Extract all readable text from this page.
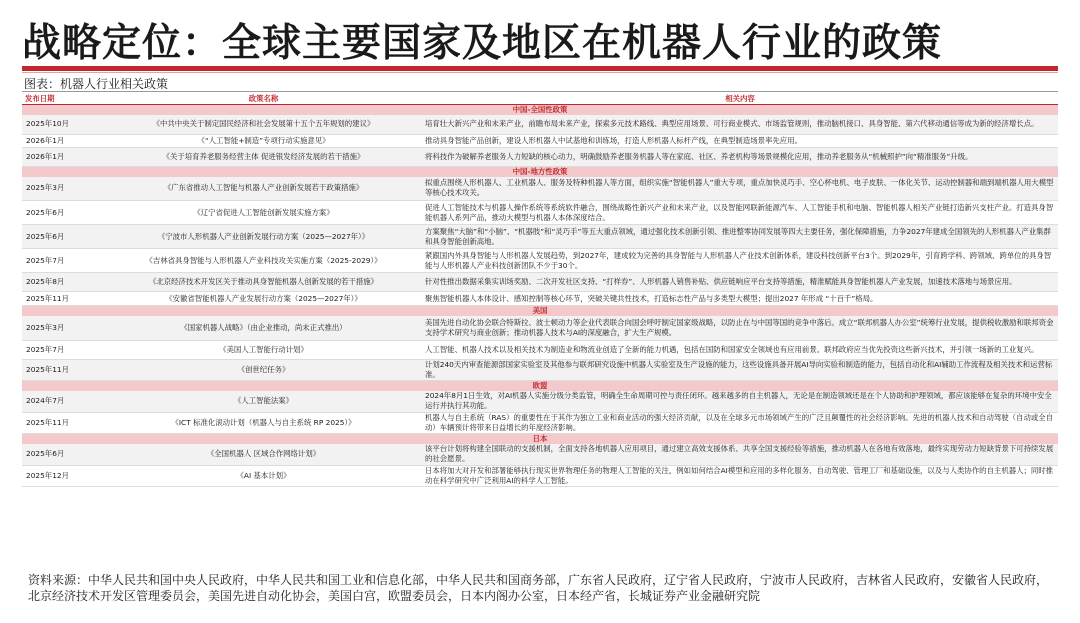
战略定位：全球主要国家及地区在机器人行业的政策
图表：机器人行业相关政策
发布日期	政策名称	相关内容
中国-全国性政策		
2025年10月	《中共中央关于制定国民经济和社会发展第十五个五年规划的建议》	培育壮大新兴产业和未来产业，前瞻布局未来产业，探索多元技术路线、典型应用场景、可行商业模式、市场监管规则，推动脑机接口、具身智能、第六代移动通信等成为新的经济增长点。
2026年1月	《“人工智能+制造”专项行动实施意见》	推动具身智能产品创新，建设人形机器人中试基地和训练场，打造人形机器人标杆产线，在典型制造场景率先应用。
2026年1月	《关于培育养老服务经营主体 促进银发经济发展的若干措施》	将科技作为破解养老服务人力短缺的核心动力，明确鼓励养老服务机器人等在家庭、社区、养老机构等场景规模化应用，推动养老服务从“机械照护”向“精准服务”升级。
中国-地方性政策		
2025年3月	《广东省推动人工智能与机器人产业创新发展若干政策措施》	拟重点围绕人形机器人、工业机器人、服务及特种机器人等方面，组织实施“智能机器人”重大专项，重点加快灵巧手、空心杯电机、电子皮肤、一体化关节、运动控制器和端到端机器人用大模型等核心技术攻关。
2025年6月	《辽宁省促进人工智能创新发展实施方案》	促进人工智能技术与机器人操作系统等系统软件融合，围绕战略性新兴产业和未来产业，以及智能网联新能源汽车、人工智能手机和电脑、智能机器人相关产业链打造新兴支柱产业。打造具身智能机器人系列产品，推动大模型与机器人本体深度结合。
2025年6月	《宁波市人形机器人产业创新发展行动方案（2025—2027年）》	方案聚焦“大脑”和“小脑”、“机器肢”和“灵巧手”等五大重点领域，通过强化技术创新引领、推进整零协同发展等四大主要任务，强化保障措施，力争2027年建成全国领先的人形机器人产业集群和具身智能创新高地。
2025年7月	《吉林省具身智能与人形机器人产业科技攻关实施方案（2025-2029）》	紧跟国内外具身智能与人形机器人发展趋势，到2027年，建成较为完善的具身智能与人形机器人产业技术创新体系，建设科技创新平台3个。到2029年，引育跨学科、跨领域、跨单位的具身智能与人形机器人产业科技创新团队不少于30个。
2025年8月	《北京经济技术开发区关于推动具身智能机器人创新发展的若干措施》	针对性推出数据采集实训场奖励、二次开发社区支持、“打样券”、人形机器人销售补贴、供应链响应平台支持等措施，精准赋能具身智能机器人产业发展，加速技术落地与场景应用。
2025年11月	《安徽省智能机器人产业发展行动方案（2025—2027年）》	聚焦智能机器人本体设计、感知控制等核心环节，突破关键共性技术，打造标志性产品与多类型大模型；提出2027 年形成 “十百千”格局。
美国		
2025年3月	《国家机器人战略》（由企业推动，尚未正式推出）	美国先进自动化协会联合特斯拉、波士顿动力等企业代表联合向国会呼吁制定国家级战略，以防止在与中国等国的竞争中落后。成立“联邦机器人办公室”统筹行业发展，提供税收激励和联邦资金支持学术研究与商业创新；推动机器人技术与AI的深度融合，扩大生产规模。
2025年7月	《美国人工智能行动计划》	人工智能、机器人技术以及相关技术为制造业和物流业创造了全新的能力机遇，包括在国防和国家安全领域也有应用前景。联邦政府应当优先投资这些新兴技术，并引领一场新的工业复兴。
2025年11月	《创世纪任务》	计划240天内审查能源部国家实验室及其他参与联邦研究设施中机器人实验室及生产设施的能力，这些设施具备开展AI导向实验和制造的能力，包括自动化和AI辅助工作流程及相关技术和运营标准。
欧盟		
2024年7月	《人工智能法案》	2024年8月1日生效，对AI机器人实施分级分类监管，明确全生命周期可控与责任闭环。越来越多的自主机器人，无论是在制造领域还是在个人协助和护理领域，都应该能够在复杂的环境中安全运行并执行其功能。
2025年11月	《ICT 标准化滚动计划（机器人与自主系统 RP 2025）》	机器人与自主系统（RAS）的重要性在于其作为独立工业和商业活动的强大经济贡献，以及在全球多元市场领域产生的广泛且颠覆性的社会经济影响。先进的机器人技术和自动驾驶（自动或全自动）车辆预计将带来日益增长的年度经济影响。
日本		
2025年6月	《全国机器人 区域合作网络计划》	该平台计划将构建全国联动的支援机制，全面支持各地机器人应用项目，通过建立高效支援体系、共享全国支援经验等措施，推动机器人在各地有效落地，最终实现劳动力短缺背景下可持续发展的社会愿景。
2025年12月	《AI 基本计划》	日本将加大对开发和部署能够执行现实世界物理任务的物理人工智能的关注，例如如何结合AI模型和应用的多样化服务、自动驾驶、管理工厂和基础设施，以及与人类协作的自主机器人；同时推动在科学研究中广泛利用AI的科学人工智能。
资料来源：中华人民共和国中央人民政府，中华人民共和国工业和信息化部，中华人民共和国商务部，广东省人民政府，辽宁省人民政府，宁波市人民政府，吉林省人民政府，安徽省人民政府，北京经济技术开发区管理委员会，美国先进自动化协会，美国白宫，欧盟委员会，日本内阁办公室，日本经产省，长城证券产业金融研究院
